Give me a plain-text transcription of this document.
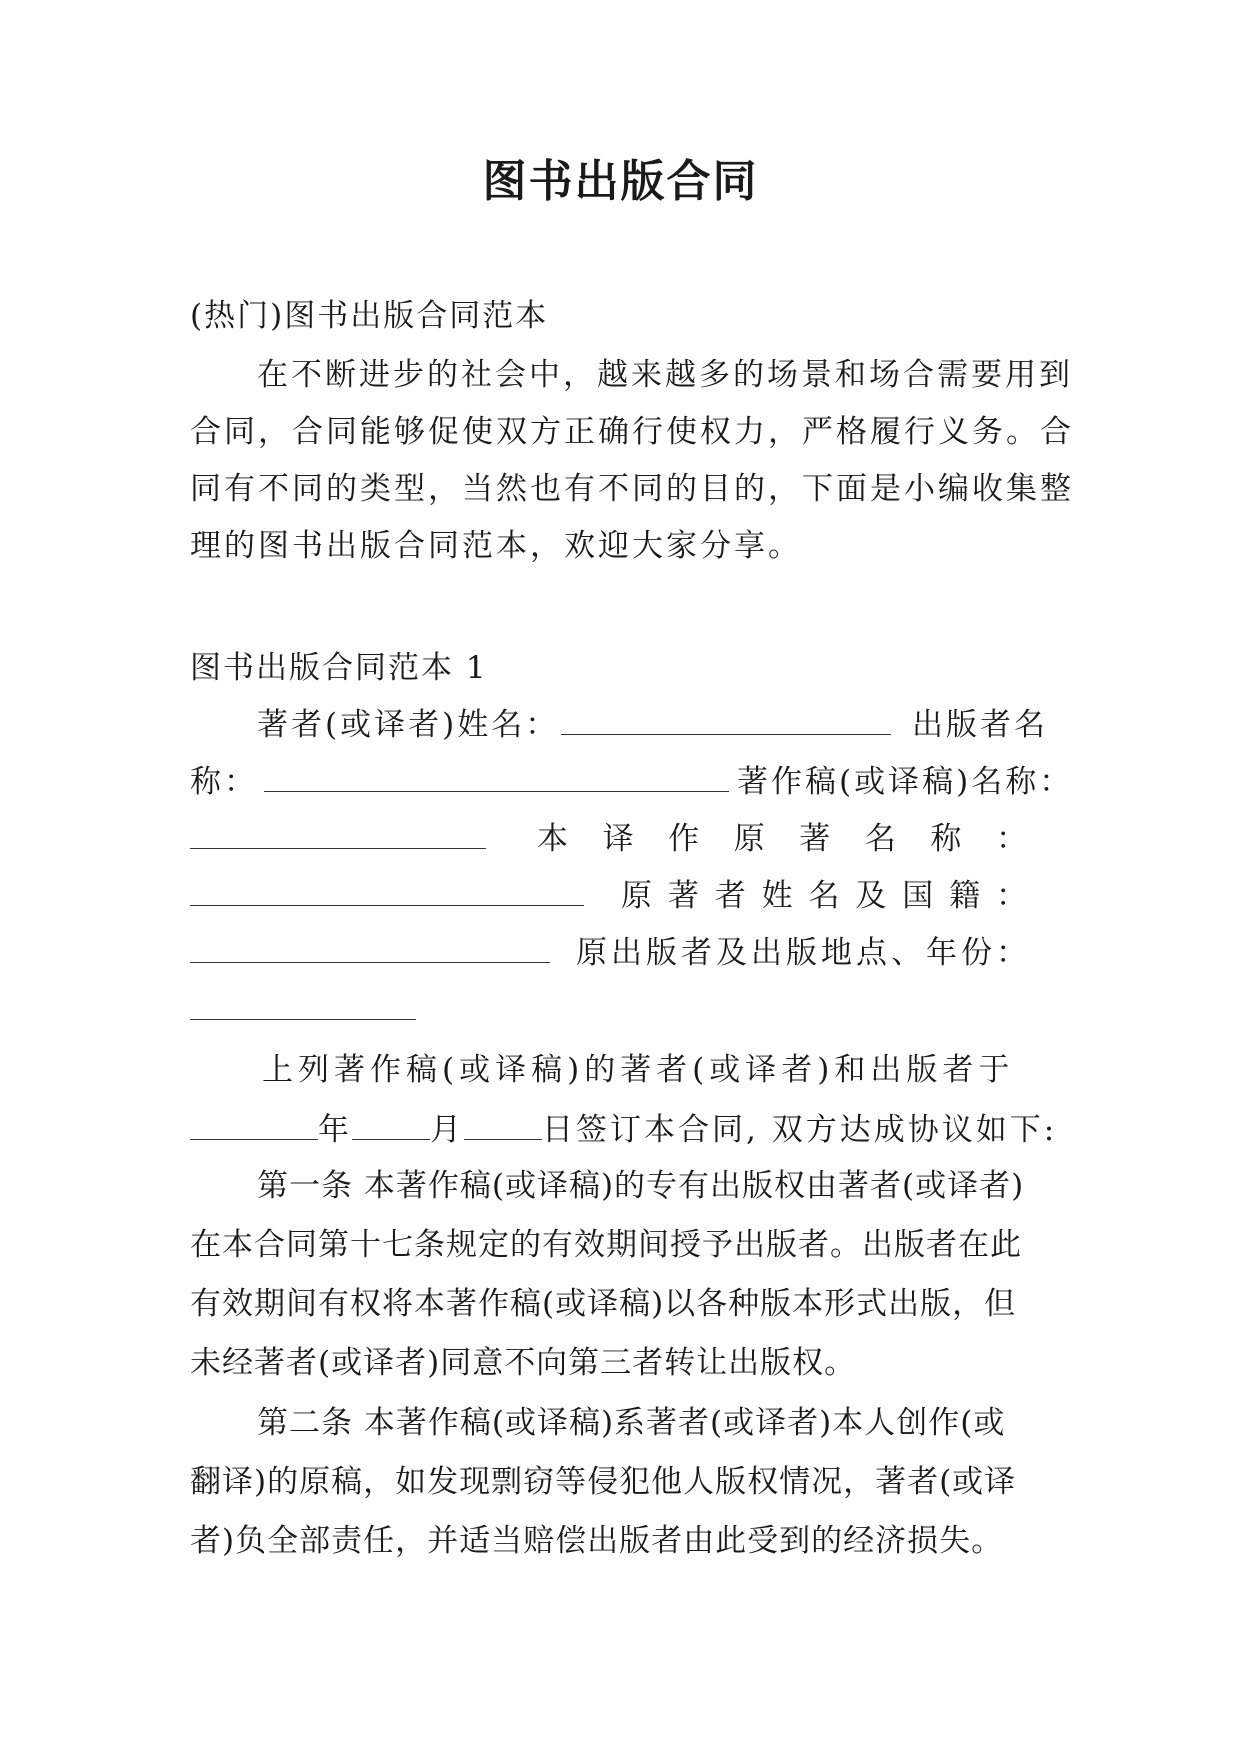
图书出版合同
(热门)图书出版合同范本
在不断进步的社会中，越来越多的场景和场合需要用到
合同，合同能够促使双方正确行使权力，严格履行义务。合
同有不同的类型，当然也有不同的目的，下面是小编收集整
理的图书出版合同范本，欢迎大家分享。
图书出版合同范本 1
著者(或译者)姓名：	出版者名
称：	著作稿(或译稿)名称：
本 译 作 原 著 名 称 ：
原 著 者 姓 名 及 国 籍 ：
原出版者及出版地点、年份：
上列著作稿(或译稿)的著者(或译者)和出版者于
年	月	日签订本合同, 双方达成协议如下:
第一条 本著作稿(或译稿)的专有出版权由著者(或译者)
在本合同第十七条规定的有效期间授予出版者。出版者在此
有效期间有权将本著作稿(或译稿)以各种版本形式出版，但
未经著者(或译者)同意不向第三者转让出版权。
第二条 本著作稿(或译稿)系著者(或译者)本人创作(或
翻译)的原稿，如发现剽窃等侵犯他人版权情况，著者(或译
者)负全部责任，并适当赔偿出版者由此受到的经济损失。
